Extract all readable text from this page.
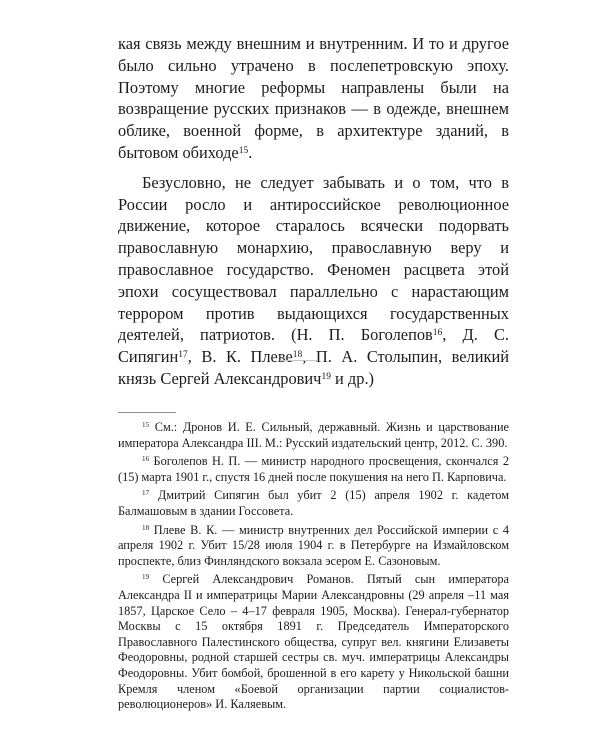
кая связь между внешним и внутренним. И то и другое было сильно утрачено в послепетровскую эпоху. Поэтому многие реформы направлены были на возвращение русских признаков — в одежде, внешнем облике, военной форме, в архитектуре зданий, в бытовом обиходе$^{15}$.

Безусловно, не следует забывать и о том, что в России росло и антироссийское революционное движение, которое старалось всячески подорвать православную монархию, православную веру и православное государство. Феномен расцвета этой эпохи сосуществовал параллельно с нарастающим террором против выдающихся государственных деятелей, патриотов. (Н. П. Боголепов$^{16}$, Д. С. Сипягин$^{17}$, В. К. Плеве$^{18}$, П. А. Столыпин, великий князь Сергей Александрович$^{19}$ и др.)

$^{15}$ См.: Дронов И. Е. Сильный, державный. Жизнь и царствование императора Александра III. М.: Русский издательский центр, 2012. С. 390.

$^{16}$ Боголепов Н. П. — министр народного просвещения, скончался 2 (15) марта 1901 г., спустя 16 дней после покушения на него П. Карповича.

$^{17}$ Дмитрий Сипягин был убит 2 (15) апреля 1902 г. кадетом Балмашовым в здании Госсовета.

$^{18}$ Плеве В. К. — министр внутренних дел Российской империи с 4 апреля 1902 г. Убит 15/28 июля 1904 г. в Петербурге на Измайловском проспекте, близ Финляндского вокзала эсером Е. Сазоновым.

$^{19}$ Сергей Александрович Романов. Пятый сын императора Александра II и императрицы Марии Александровны (29 апреля –11 мая 1857, Царское Село – 4–17 февраля 1905, Москва). Генерал-губернатор Москвы с 15 октября 1891 г. Председатель Императорского Православного Палестинского общества, супруг вел. княгини Елизаветы Феодоровны, родной старшей сестры св. муч. императрицы Александры Феодоровны. Убит бомбой, брошенной в его карету у Никольской башни Кремля членом «Боевой организации партии социалистов-революционеров» И. Каляевым.
